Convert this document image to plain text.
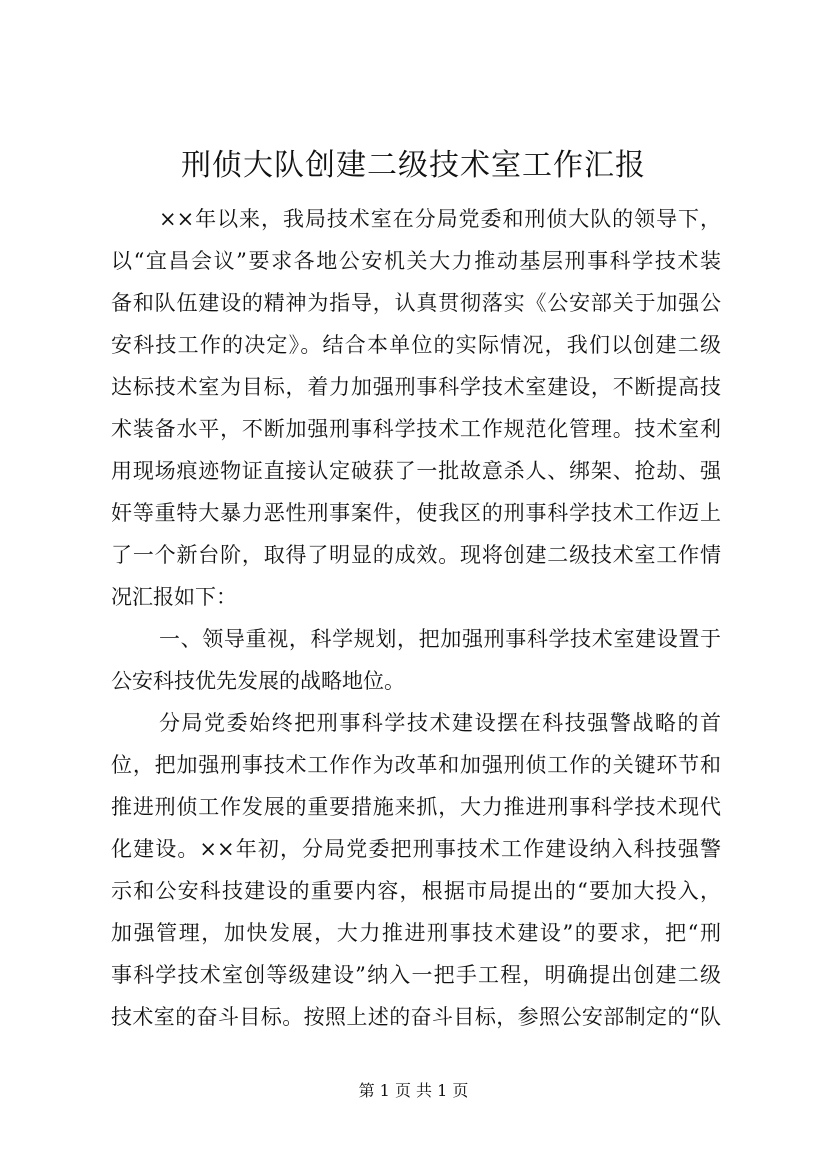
刑侦大队创建二级技术室工作汇报
××年以来，我局技术室在分局党委和刑侦大队的领导下，
以“宜昌会议”要求各地公安机关大力推动基层刑事科学技术装
备和队伍建设的精神为指导，认真贯彻落实《公安部关于加强公
安科技工作的决定》。结合本单位的实际情况，我们以创建二级
达标技术室为目标，着力加强刑事科学技术室建设，不断提高技
术装备水平，不断加强刑事科学技术工作规范化管理。技术室利
用现场痕迹物证直接认定破获了一批故意杀人、绑架、抢劫、强
奸等重特大暴力恶性刑事案件，使我区的刑事科学技术工作迈上
了一个新台阶，取得了明显的成效。现将创建二级技术室工作情
况汇报如下：
一、领导重视，科学规划，把加强刑事科学技术室建设置于
公安科技优先发展的战略地位。
分局党委始终把刑事科学技术建设摆在科技强警战略的首
位，把加强刑事技术工作作为改革和加强刑侦工作的关键环节和
推进刑侦工作发展的重要措施来抓，大力推进刑事科学技术现代
化建设。××年初，分局党委把刑事技术工作建设纳入科技强警
示和公安科技建设的重要内容，根据市局提出的“要加大投入，
加强管理，加快发展，大力推进刑事技术建设”的要求，把“刑
事科学技术室创等级建设”纳入一把手工程，明确提出创建二级
技术室的奋斗目标。按照上述的奋斗目标，参照公安部制定的“队
第 1 页 共 1 页
